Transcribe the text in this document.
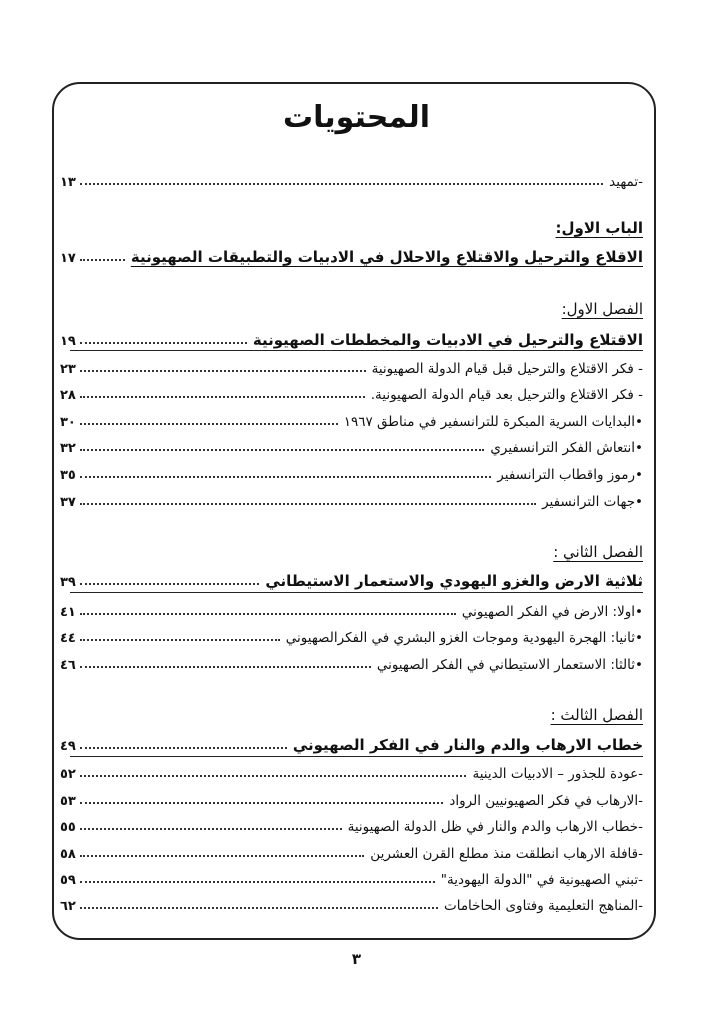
المحتويات
-تمهيد
١٣
الباب الاول:
الاقلاع والترحيل والاقتلاع والاحلال في الادبيات والتطبيقات الصهيونية
١٧
الفصل الاول:
الاقتلاع والترحيل في الادبيات والمخططات الصهيونية
١٩
- فكر الاقتلاع والترحيل قبل قيام الدولة الصهيونية
٢٣
- فكر الاقتلاع والترحيل بعد قيام الدولة الصهيونية.
٢٨
•البدايات السرية المبكرة للترانسفير في مناطق ١٩٦٧
٣٠
•انتعاش الفكر الترانسفيري
٣٢
•رموز واقطاب الترانسفير
٣٥
•جهات الترانسفير
٣٧
الفصل الثاني :
ثلاثية الارض والغزو اليهودي والاستعمار الاستيطاني
٣٩
•اولا: الارض في الفكر الصهيوني
٤١
•ثانيا: الهجرة اليهودية وموجات الغزو البشري في الفكرالصهيوني
٤٤
•ثالثا: الاستعمار الاستيطاني في الفكر الصهيوني
٤٦
الفصل الثالث :
خطاب الارهاب والدم والنار في الفكر الصهيوني
٤٩
-عودة للجذور – الادبيات الدينية
٥٢
-الارهاب في فكر الصهيونيين الرواد
٥٣
-خطاب الارهاب والدم والنار في ظل الدولة الصهيونية
٥٥
-قافلة الارهاب انطلقت منذ مطلع القرن العشرين
٥٨
-تبني الصهيونية في "الدولة اليهودية"
٥٩
-المناهج التعليمية وفتاوى الحاخامات
٦٢
٣
